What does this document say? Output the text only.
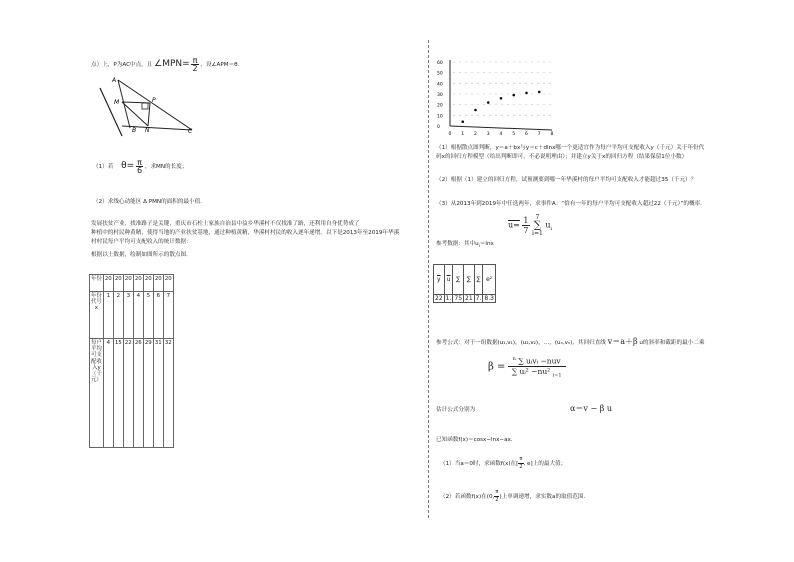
点）上，P为AC中点，且 ∠MPN= $\frac{\pi}{2}$ ，设∠APM＝θ.
A
M	P
B N	C
（1）若 $\theta= \frac{\pi}{6}$ ，求MN的长度；
（2）求线心动能区 Δ PMN的面积的最小值.
发展扶贫产业，找准路子是关键，重庆市石柱土家族自治县中益乡华溪村不仅找准了路，还利用自身优势成了
种植中的村民种黄精，使得当地的产业扶贫基地，通过种植黄精，华溪村村民的收入逐年递增。以下是2013年至2019年华溪
村村民每户平均可支配收入的统计数据：
根据以上数据，绘制如图所示的散点图.
年份	20	20	20	20	20	20	20
年份代号x	1	2	3	4	5	6	7
每户平均可支配收入y（千元）	4	15	22	26	29	31	32
60
50
40
30
20
10
0
0 1 2 3 4 5 6 7 8
（1）根据散点图判断，y＝a＋bx与y＝c＋dlnx哪一个更适宜作为每户平均可支配收入y（千元）关于年份代
码x的回归方程模型（给出判断即可，不必说明理由）；并建立y关于x的回归方程（结果保留1位小数）
（2）根据（1）建立的回归方程，试预测要到哪一年华溪村的每户平均可支配收入才能超过35（千元）？
（3）从2013年到2019年中任选两年，求事件A：“恰有一年的每户平均可支配收入超过22（千元）”的概率.
$u= \frac{1}{7}$
	7
∑
i=1
$u_i$
参考数据：其中$u_i=\ln x$
$\overline{y}$	$\overline{u}$	∑	∑	∑	e²
22	1.	75	21	7.	8.3
参考公式：对于一组数据(u₁,v₁)，(u₂,v₂)，…，(uₙ,vₙ)，其回归直线 v＝a＋β u的斜率和截距的最小二乘
$\beta = \frac{^n \sum uᵢvᵢ -nuv}{\sum uᵢ^2 -nu^2 _{i=1}}$
估计公式分别为	α＝v − β u
已知函数f(x)＝cosx−lnx−ax.
（1）当a＝0时，求函数f(x)在[ $\frac{\pi}{2}$ , e]上的最大值；
（2）若函数f(x)在(0, $\frac{\pi}{2}$ )上单调递增，求实数a的取值范围.
